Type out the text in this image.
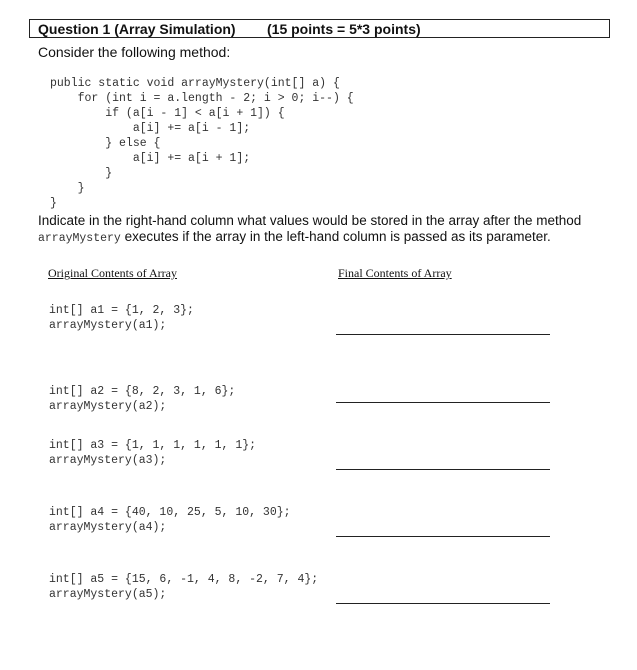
Question 1 (Array Simulation) (15 points = 5*3 points)
Consider the following method:
public static void arrayMystery(int[] a) {
for (int i = a.length - 2; i > 0; i--) {
if (a[i - 1] < a[i + 1]) {
a[i] += a[i - 1];
} else {
a[i] += a[i + 1];
}
}
}
Indicate in the right-hand column what values would be stored in the array after the method
arrayMystery executes if the array in the left-hand column is passed as its parameter.
Original Contents of Array	Final Contents of Array
int[] a1 = {1, 2, 3};
arrayMystery(a1);
int[] a2 = {8, 2, 3, 1, 6};
arrayMystery(a2);
int[] a3 = {1, 1, 1, 1, 1, 1};
arrayMystery(a3);
int[] a4 = {40, 10, 25, 5, 10, 30};
arrayMystery(a4);
int[] a5 = {15, 6, -1, 4, 8, -2, 7, 4};
arrayMystery(a5);
